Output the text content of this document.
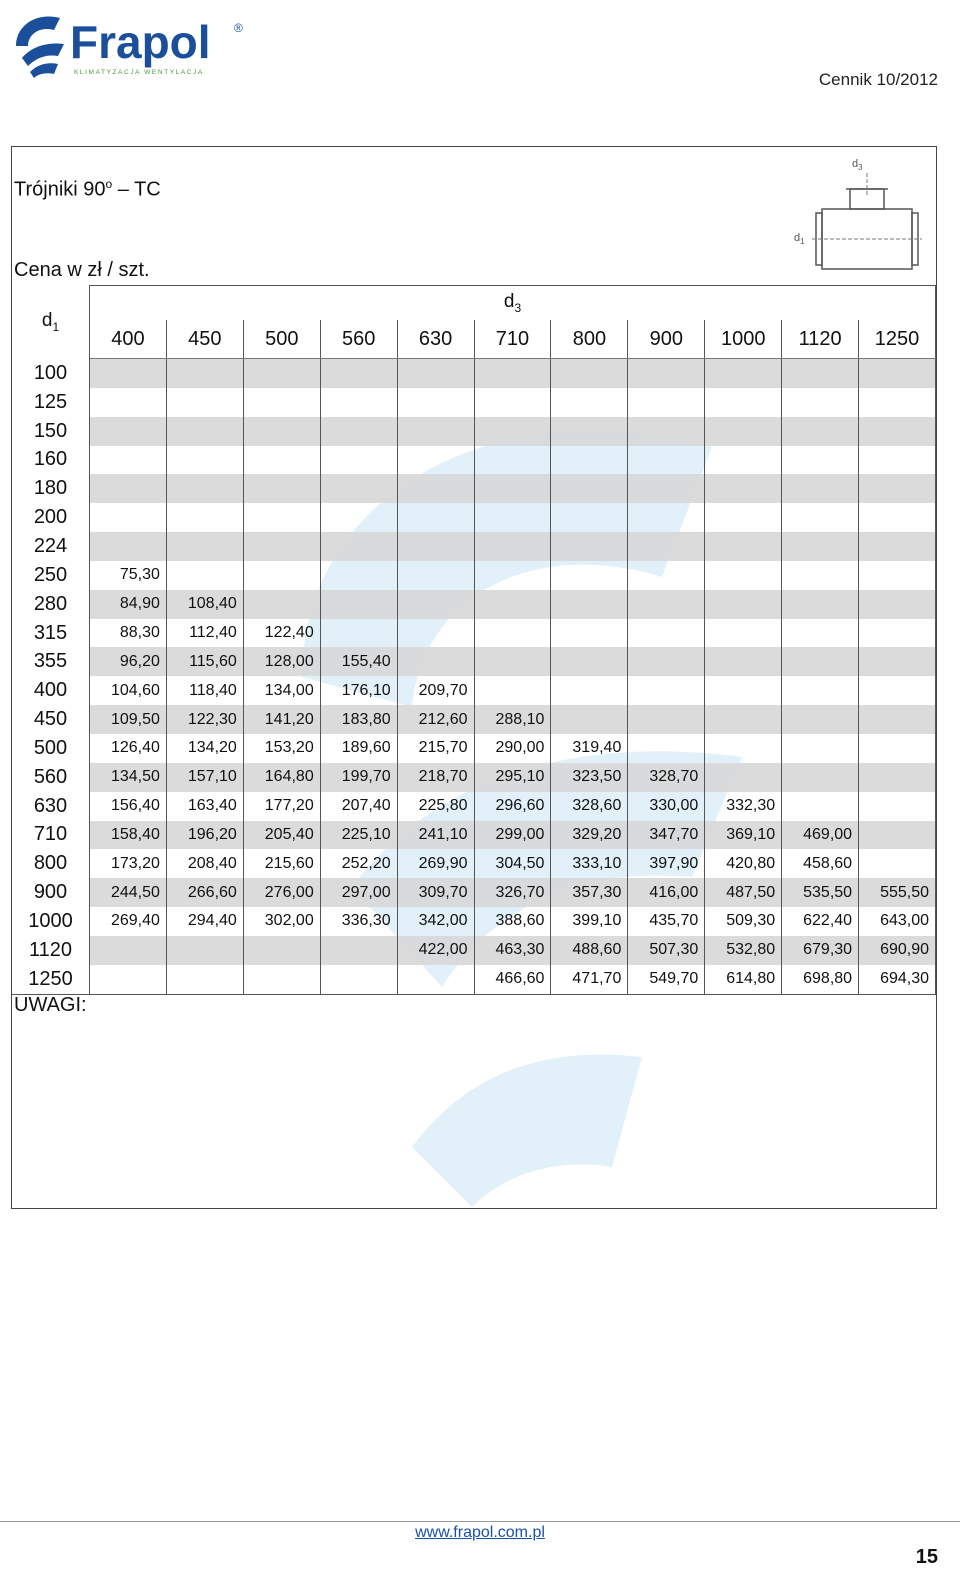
Frapol ®
KLIMATYZACJA WENTYLACJA	Cennik 10/2012
Trójniki 90$^o$ – TC
Cena w zł / szt.
$d_3$
$d_1$
$d_1$	$d_3$
	400	450	500	560	630	710	800	900	1000	1120	1250
100											
125											
150											
160											
180											
200											
224											
250	75,30										
280	84,90	108,40									
315	88,30	112,40	122,40								
355	96,20	115,60	128,00	155,40							
400	104,60	118,40	134,00	176,10	209,70						
450	109,50	122,30	141,20	183,80	212,60	288,10					
500	126,40	134,20	153,20	189,60	215,70	290,00	319,40				
560	134,50	157,10	164,80	199,70	218,70	295,10	323,50	328,70			
630	156,40	163,40	177,20	207,40	225,80	296,60	328,60	330,00	332,30		
710	158,40	196,20	205,40	225,10	241,10	299,00	329,20	347,70	369,10	469,00	
800	173,20	208,40	215,60	252,20	269,90	304,50	333,10	397,90	420,80	458,60	
900	244,50	266,60	276,00	297,00	309,70	326,70	357,30	416,00	487,50	535,50	555,50
1000	269,40	294,40	302,00	336,30	342,00	388,60	399,10	435,70	509,30	622,40	643,00
1120					422,00	463,30	488,60	507,30	532,80	679,30	690,90
1250						466,60	471,70	549,70	614,80	698,80	694,30
UWAGI:
www.frapol.com.pl
15
